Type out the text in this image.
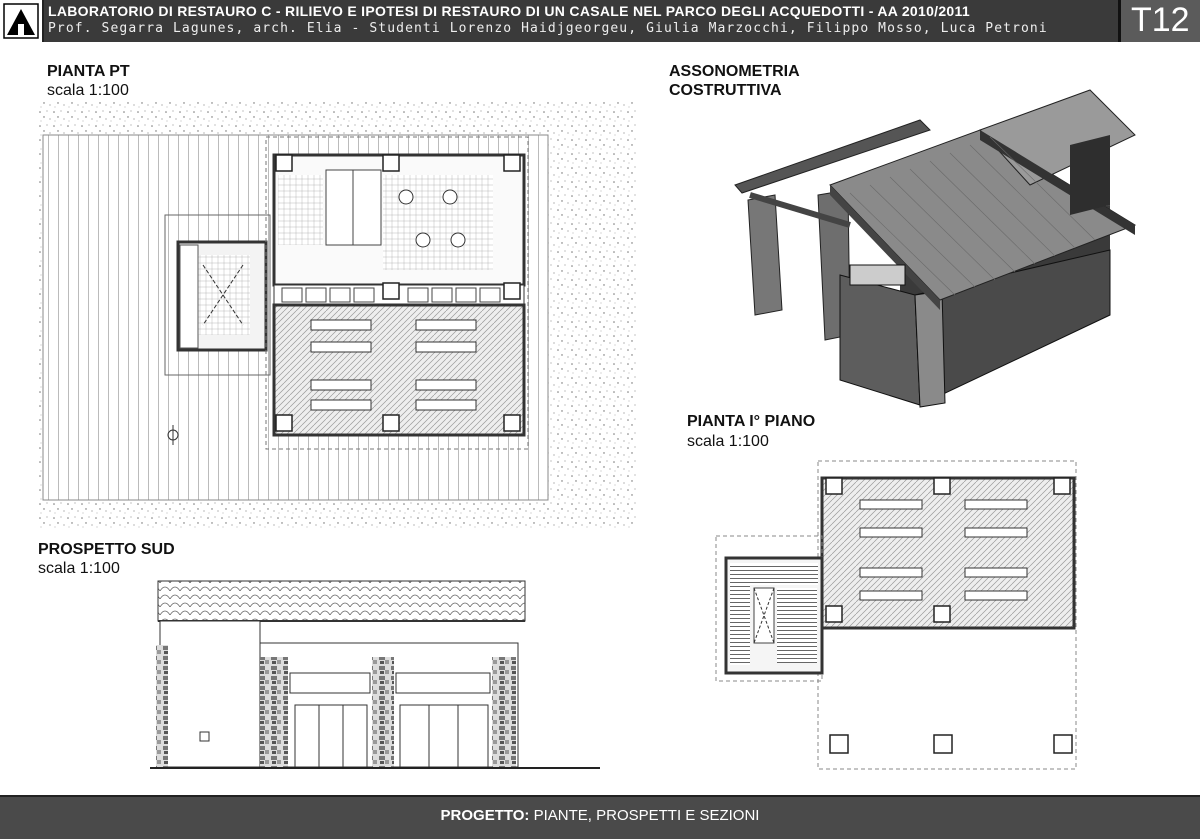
LABORATORIO DI RESTAURO C - RILIEVO E IPOTESI DI RESTAURO DI UN CASALE NEL PARCO DEGLI ACQUEDOTTI - AA 2010/2011
Prof. Segarra Lagunes, arch. Elia - Studenti Lorenzo Haidjgeorgeu, Giulia Marzocchi, Filippo Mosso, Luca Petroni T12
PIANTA PT
scala 1:100
ASSONOMETRIA
COSTRUTTIVA
PIANTA I° PIANO
scala 1:100
PROSPETTO SUD
scala 1:100
PROGETTO: PIANTE, PROSPETTI E SEZIONI
